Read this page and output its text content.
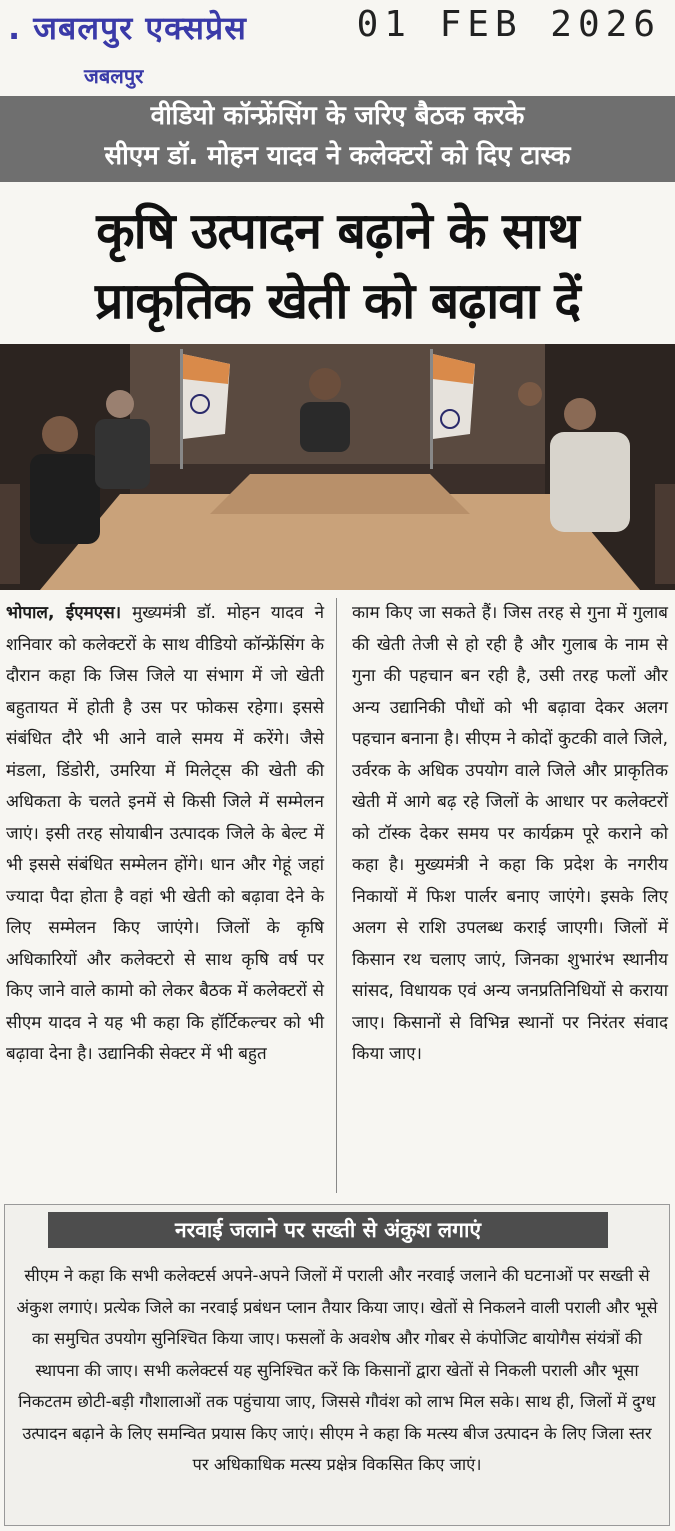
. जबलपुर एक्सप्रेस	01 FEB 2026
जबलपुर
वीडियो कॉन्फ्रेंसिंग के जरिए बैठक करके
सीएम डॉ. मोहन यादव ने कलेक्टरों को दिए टास्क
कृषि उत्पादन बढ़ाने के साथ
प्राकृतिक खेती को बढ़ावा दें
भोपाल, ईएमएस। मुख्यमंत्री डॉ. मोहन यादव ने शनिवार को कलेक्टरों के साथ वीडियो कॉन्फ्रेंसिंग के दौरान कहा कि जिस जिले या संभाग में जो खेती बहुतायत में होती है उस पर फोकस रहेगा। इससे संबंधित दौरे भी आने वाले समय में करेंगे। जैसे मंडला, डिंडोरी, उमरिया में मिलेट्स की खेती की अधिकता के चलते इनमें से किसी जिले में सम्मेलन जाएं। इसी तरह सोयाबीन उत्पादक जिले के बेल्ट में भी इससे संबंधित सम्मेलन होंगे। धान और गेहूं जहां ज्यादा पैदा होता है वहां भी खेती को बढ़ावा देने के लिए सम्मेलन किए जाएंगे। जिलों के कृषि अधिकारियों और कलेक्टरो से साथ कृषि वर्ष पर किए जाने वाले कामो को लेकर बैठक में कलेक्टरों से सीएम यादव ने यह भी कहा कि हॉर्टिकल्चर को भी बढ़ावा देना है। उद्यानिकी सेक्टर में भी बहुत
काम किए जा सकते हैं। जिस तरह से गुना में गुलाब की खेती तेजी से हो रही है और गुलाब के नाम से गुना की पहचान बन रही है, उसी तरह फलों और अन्य उद्यानिकी पौधों को भी बढ़ावा देकर अलग पहचान बनाना है। सीएम ने कोदों कुटकी वाले जिले, उर्वरक के अधिक उपयोग वाले जिले और प्राकृतिक खेती में आगे बढ़ रहे जिलों के आधार पर कलेक्टरों को टॉस्क देकर समय पर कार्यक्रम पूरे कराने को कहा है। मुख्यमंत्री ने कहा कि प्रदेश के नगरीय निकायों में फिश पार्लर बनाए जाएंगे। इसके लिए अलग से राशि उपलब्ध कराई जाएगी। जिलों में किसान रथ चलाए जाएं, जिनका शुभारंभ स्थानीय सांसद, विधायक एवं अन्य जनप्रतिनिधियों से कराया जाए। किसानों से विभिन्न स्थानों पर निरंतर संवाद किया जाए।
नरवाई जलाने पर सख्ती से अंकुश लगाएं
सीएम ने कहा कि सभी कलेक्टर्स अपने-अपने जिलों में पराली और नरवाई जलाने की घटनाओं पर सख्ती से अंकुश लगाएं। प्रत्येक जिले का नरवाई प्रबंधन प्लान तैयार किया जाए। खेतों से निकलने वाली पराली और भूसे का समुचित उपयोग सुनिश्चित किया जाए। फसलों के अवशेष और गोबर से कंपोजिट बायोगैस संयंत्रों की स्थापना की जाए। सभी कलेक्टर्स यह सुनिश्चित करें कि किसानों द्वारा खेतों से निकली पराली और भूसा निकटतम छोटी-बड़ी गौशालाओं तक पहुंचाया जाए, जिससे गौवंश को लाभ मिल सके। साथ ही, जिलों में दुग्ध उत्पादन बढ़ाने के लिए समन्वित प्रयास किए जाएं। सीएम ने कहा कि मत्स्य बीज उत्पादन के लिए जिला स्तर पर अधिकाधिक मत्स्य प्रक्षेत्र विकसित किए जाएं।
